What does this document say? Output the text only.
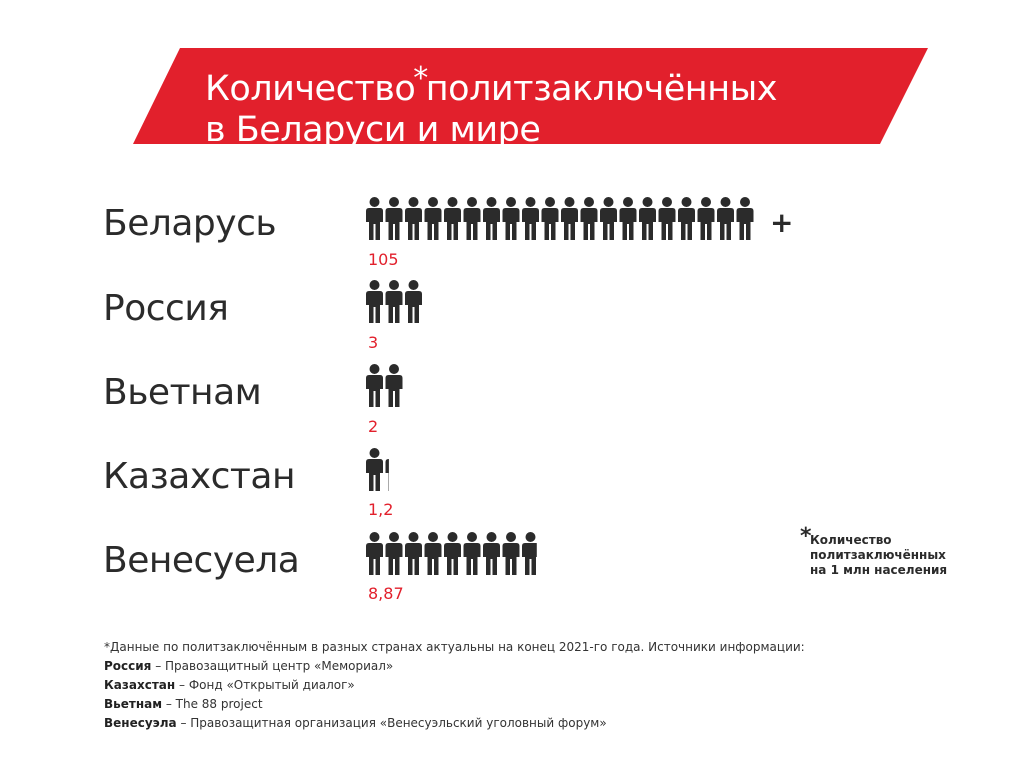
Количество*политзаключённых
в Беларуси и мире
Беларусь
Россия
Вьетнам
Казахстан
Венесуела
105
3
2
1,2
8,87
+
*
Количество
политзаключённых
на 1 млн населения
*Данные по политзаключённым в разных странах актуальны на конец 2021-го года. Источники информации:
Россия – Правозащитный центр «Мемориал»
Казахстан – Фонд «Открытый диалог»
Вьетнам – The 88 project
Венесуэла – Правозащитная организация «Венесуэльский уголовный форум»
